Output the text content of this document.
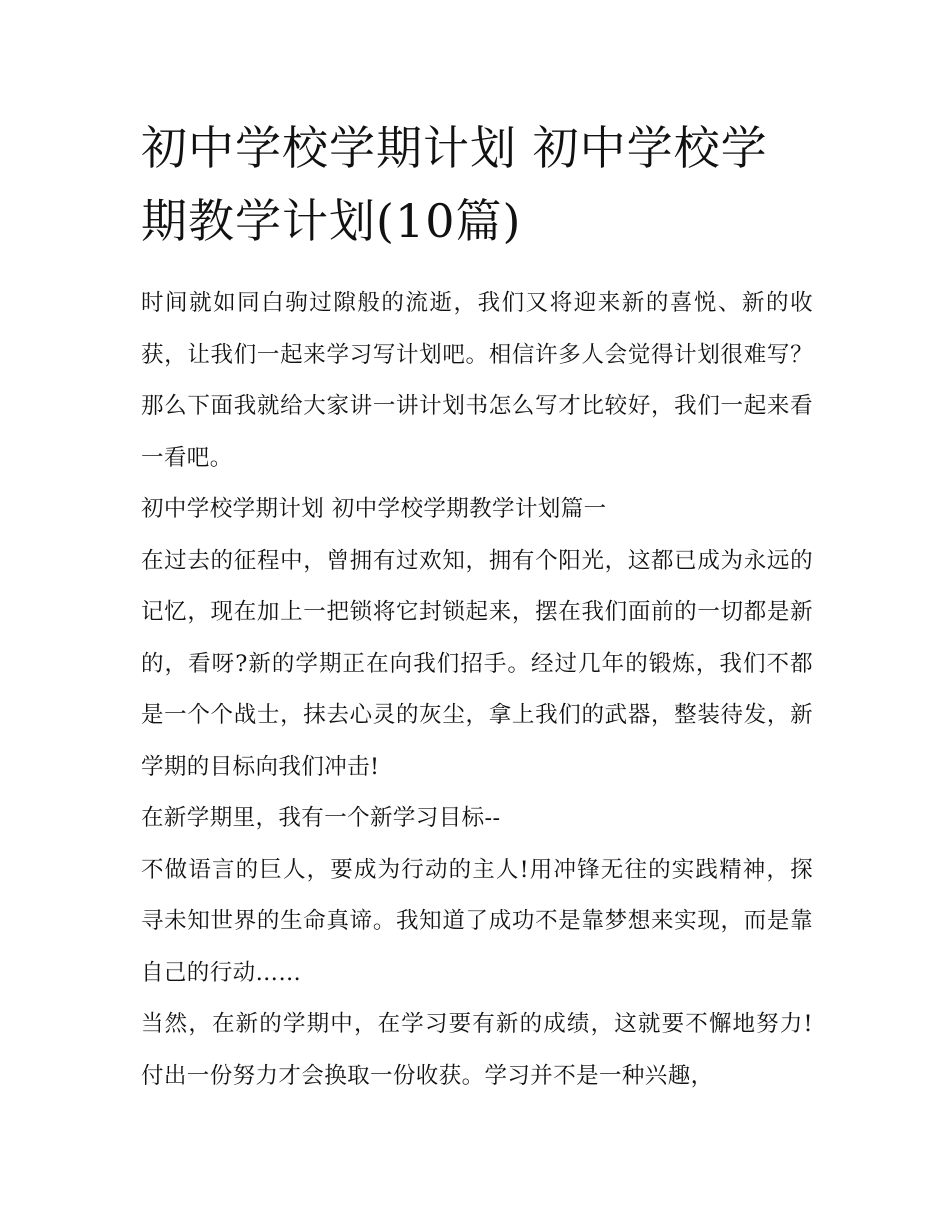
初中学校学期计划 初中学校学期教学计划(10篇)

时间就如同白驹过隙般的流逝，我们又将迎来新的喜悦、新的收获，让我们一起来学习写计划吧。相信许多人会觉得计划很难写？那么下面我就给大家讲一讲计划书怎么写才比较好，我们一起来看一看吧。

初中学校学期计划 初中学校学期教学计划篇一

在过去的征程中，曾拥有过欢知，拥有个阳光，这都已成为永远的记忆，现在加上一把锁将它封锁起来，摆在我们面前的一切都是新的，看呀?新的学期正在向我们招手。经过几年的锻炼，我们不都是一个个战士，抹去心灵的灰尘，拿上我们的武器，整装待发，新学期的目标向我们冲击!

在新学期里，我有一个新学习目标--

不做语言的巨人，要成为行动的主人!用冲锋无往的实践精神，探寻未知世界的生命真谛。我知道了成功不是靠梦想来实现，而是靠自己的行动……

当然，在新的学期中，在学习要有新的成绩，这就要不懈地努力!付出一份努力才会换取一份收获。学习并不是一种兴趣，
